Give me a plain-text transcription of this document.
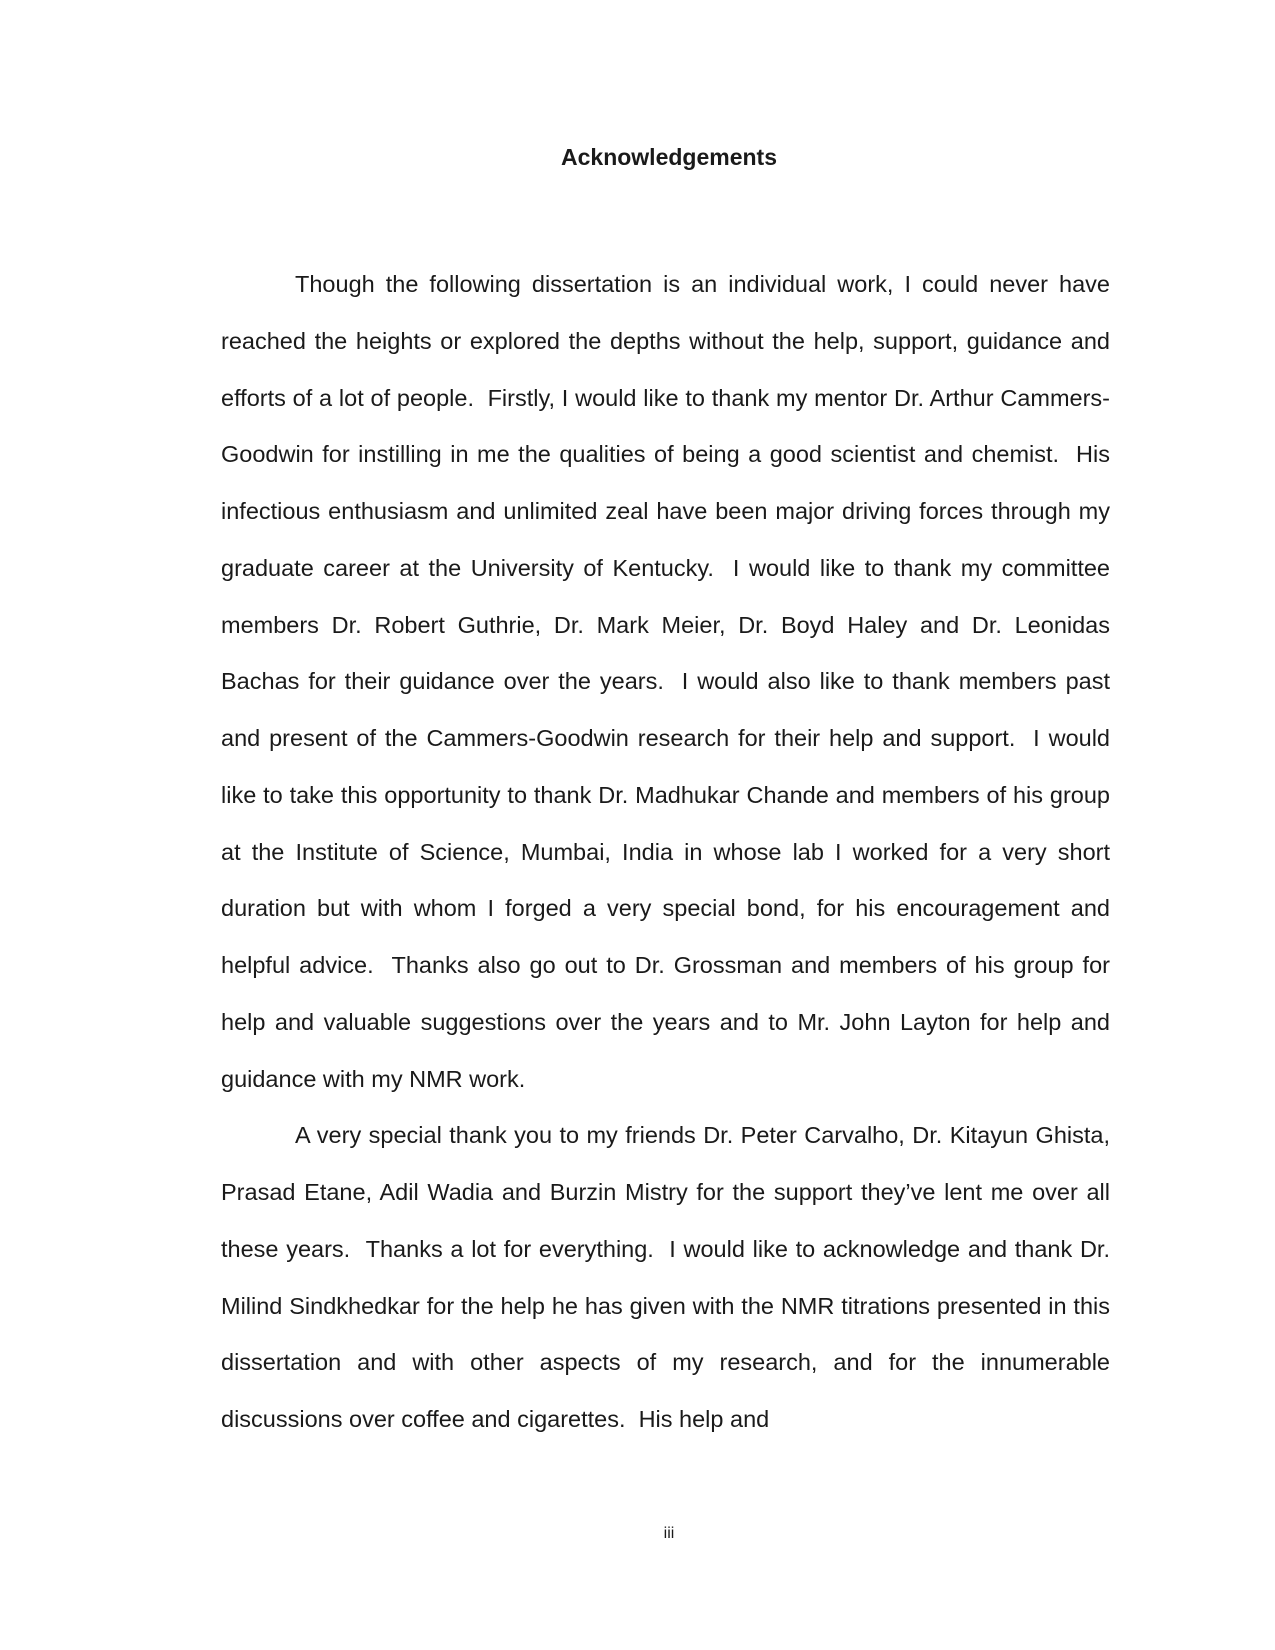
Acknowledgements

Though the following dissertation is an individual work, I could never have reached the heights or explored the depths without the help, support, guidance and efforts of a lot of people.  Firstly, I would like to thank my mentor Dr. Arthur Cammers-Goodwin for instilling in me the qualities of being a good scientist and chemist.  His infectious enthusiasm and unlimited zeal have been major driving forces through my graduate career at the University of Kentucky.  I would like to thank my committee members Dr. Robert Guthrie, Dr. Mark Meier, Dr. Boyd Haley and Dr. Leonidas Bachas for their guidance over the years.  I would also like to thank members past and present of the Cammers-Goodwin research for their help and support.  I would like to take this opportunity to thank Dr. Madhukar Chande and members of his group at the Institute of Science, Mumbai, India in whose lab I worked for a very short duration but with whom I forged a very special bond, for his encouragement and helpful advice.  Thanks also go out to Dr. Grossman and members of his group for help and valuable suggestions over the years and to Mr. John Layton for help and guidance with my NMR work.

A very special thank you to my friends Dr. Peter Carvalho, Dr. Kitayun Ghista, Prasad Etane, Adil Wadia and Burzin Mistry for the support they’ve lent me over all these years.  Thanks a lot for everything.  I would like to acknowledge and thank Dr. Milind Sindkhedkar for the help he has given with the NMR titrations presented in this dissertation and with other aspects of my research, and for the innumerable discussions over coffee and cigarettes.  His help and

iii
